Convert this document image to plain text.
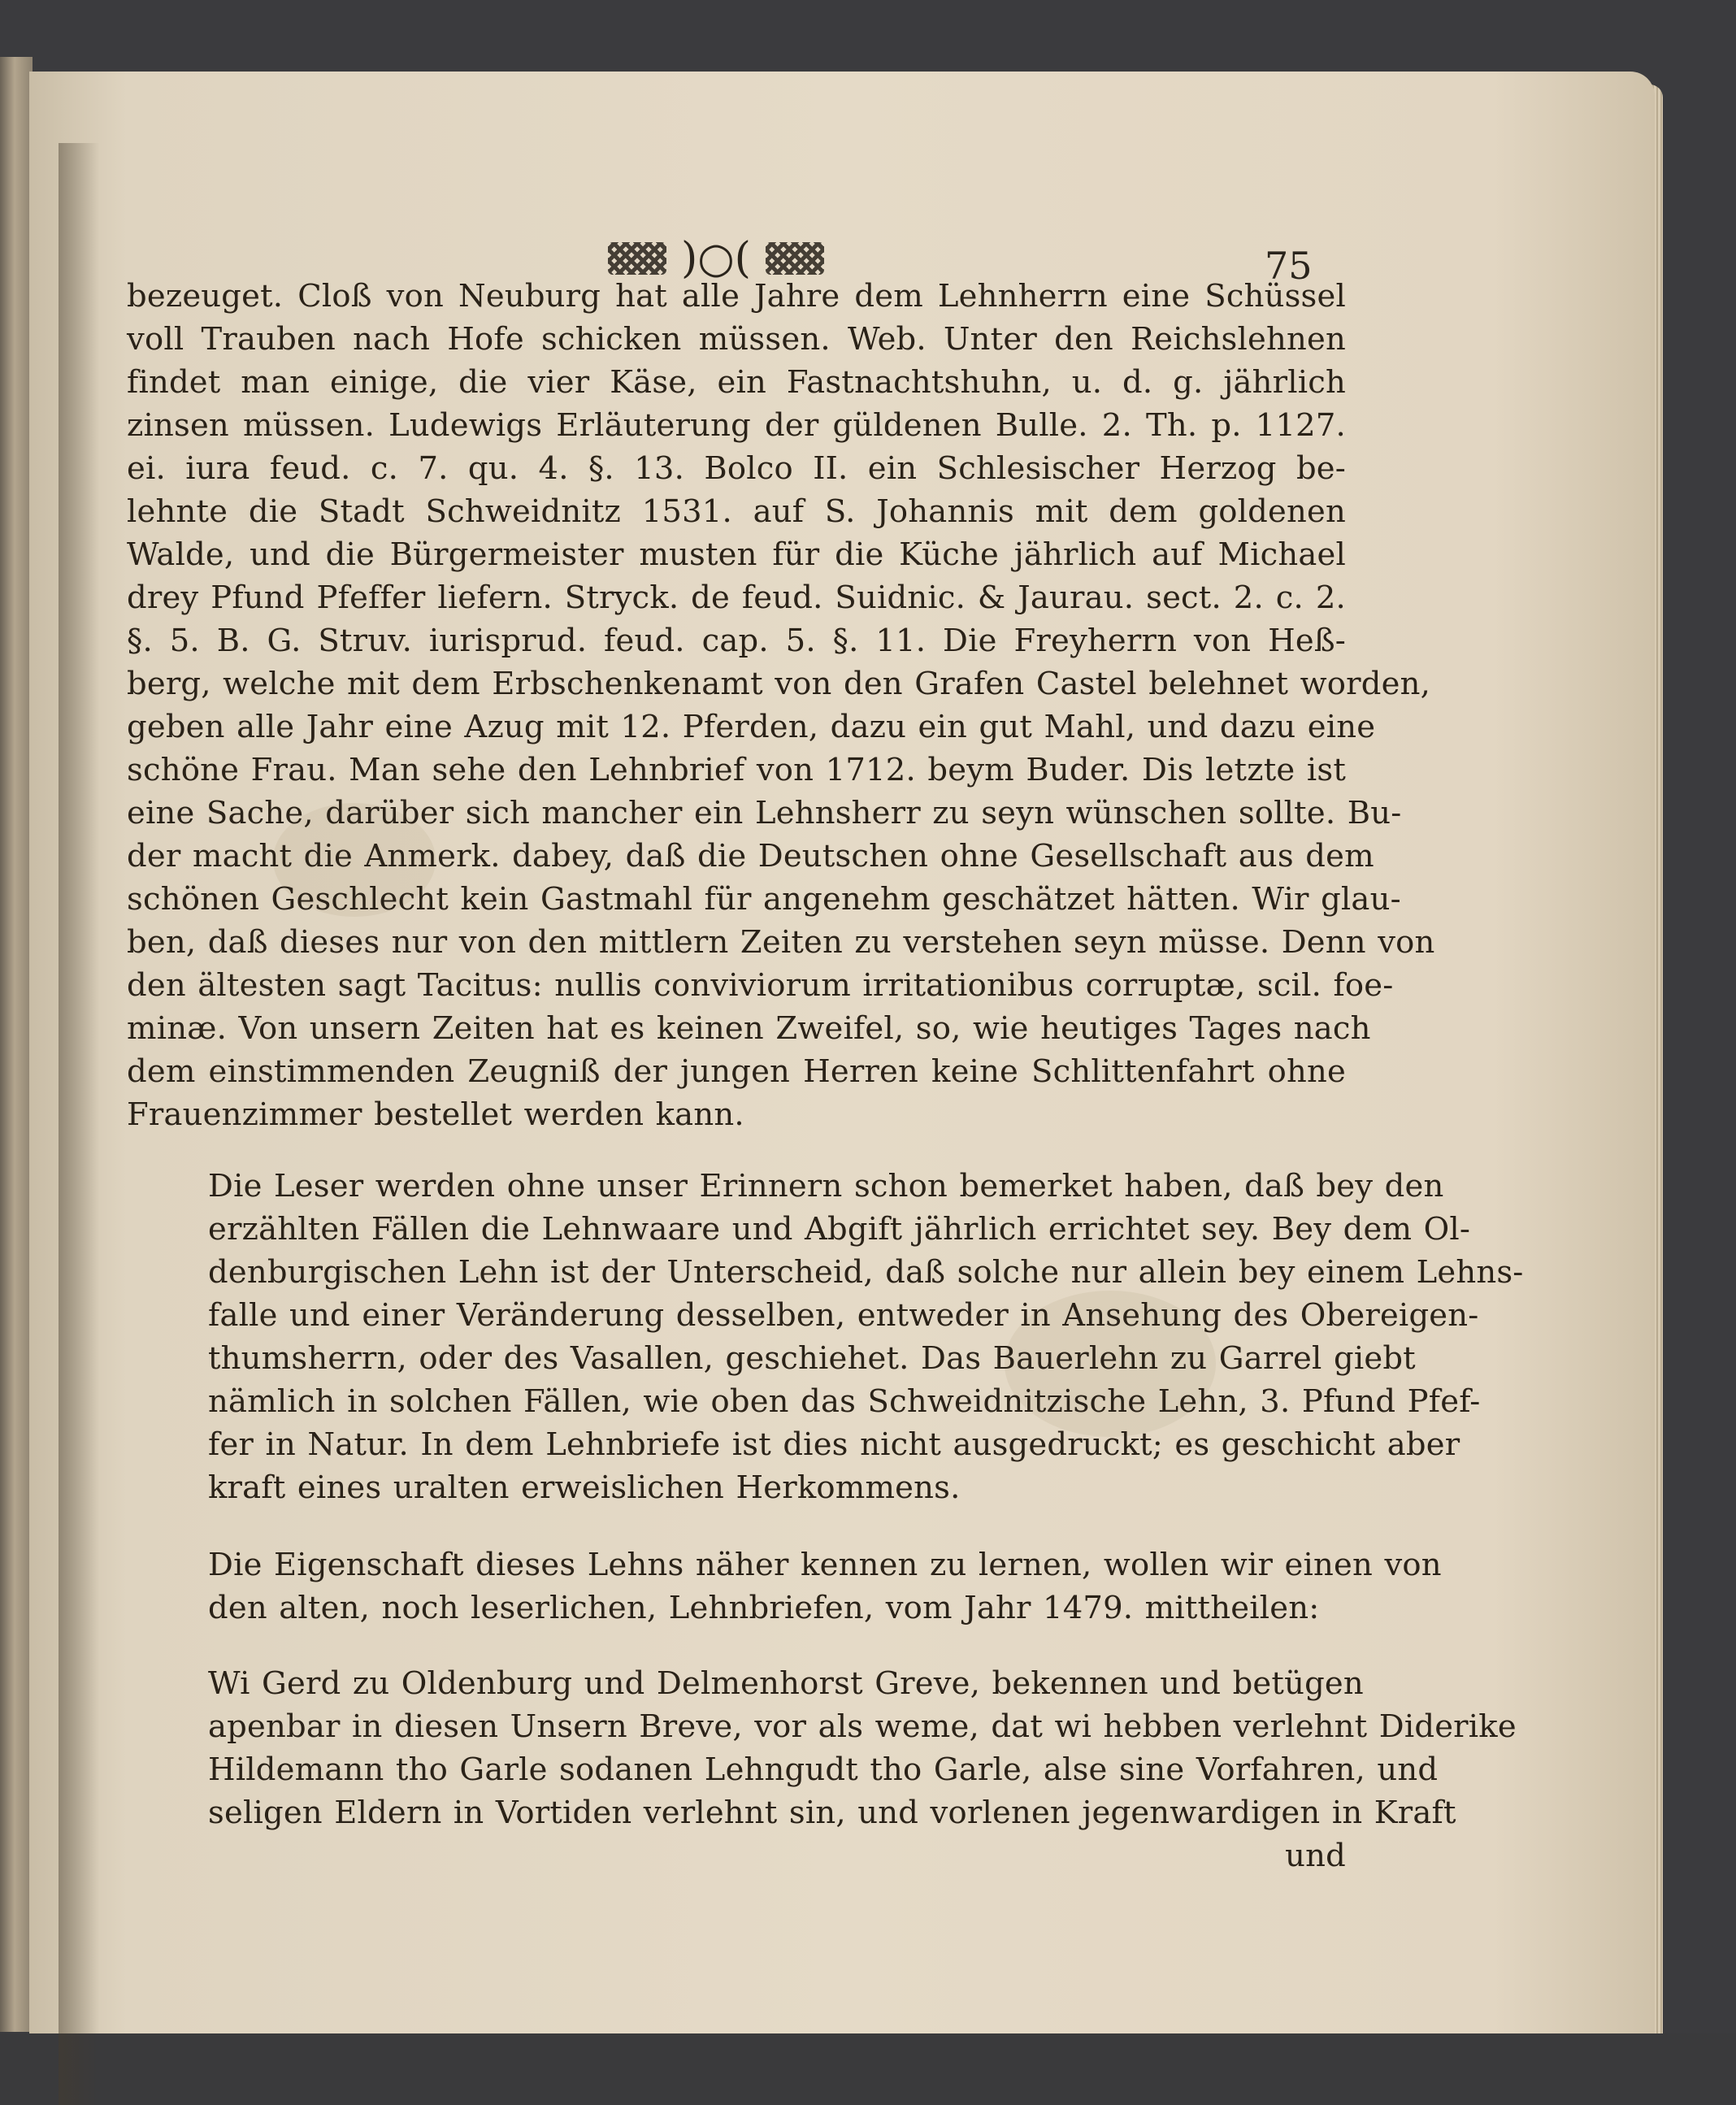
)○(	75
bezeuget. Cloß von Neuburg hat alle Jahre dem Lehnherrn eine Schüssel
voll Trauben nach Hofe schicken müssen. Web. Unter den Reichslehnen
findet man einige, die vier Käse, ein Fastnachtshuhn, u. d. g. jährlich
zinsen müssen. Ludewigs Erläuterung der güldenen Bulle. 2. Th. p. 1127.
ei. iura feud. c. 7. qu. 4. §. 13. Bolco II. ein Schlesischer Herzog be-
lehnte die Stadt Schweidnitz 1531. auf S. Johannis mit dem goldenen
Walde, und die Bürgermeister musten für die Küche jährlich auf Michael
drey Pfund Pfeffer liefern. Stryck. de feud. Suidnic. & Jaurau. sect. 2. c. 2.
§. 5. B. G. Struv. iurisprud. feud. cap. 5. §. 11. Die Freyherrn von Heß-
berg, welche mit dem Erbschenkenamt von den Grafen Castel belehnet worden,
geben alle Jahr eine Azug mit 12. Pferden, dazu ein gut Mahl, und dazu eine
schöne Frau. Man sehe den Lehnbrief von 1712. beym Buder. Dis letzte ist
eine Sache, darüber sich mancher ein Lehnsherr zu seyn wünschen sollte. Bu-
der macht die Anmerk. dabey, daß die Deutschen ohne Gesellschaft aus dem
schönen Geschlecht kein Gastmahl für angenehm geschätzet hätten. Wir glau-
ben, daß dieses nur von den mittlern Zeiten zu verstehen seyn müsse. Denn von
den ältesten sagt Tacitus: nullis conviviorum irritationibus corruptæ, scil. foe-
minæ. Von unsern Zeiten hat es keinen Zweifel, so, wie heutiges Tages nach
dem einstimmenden Zeugniß der jungen Herren keine Schlittenfahrt ohne
Frauenzimmer bestellet werden kann.
Die Leser werden ohne unser Erinnern schon bemerket haben, daß bey den
erzählten Fällen die Lehnwaare und Abgift jährlich errichtet sey. Bey dem Ol-
denburgischen Lehn ist der Unterscheid, daß solche nur allein bey einem Lehns-
falle und einer Veränderung desselben, entweder in Ansehung des Obereigen-
thumsherrn, oder des Vasallen, geschiehet. Das Bauerlehn zu Garrel giebt
nämlich in solchen Fällen, wie oben das Schweidnitzische Lehn, 3. Pfund Pfef-
fer in Natur. In dem Lehnbriefe ist dies nicht ausgedruckt; es geschicht aber
kraft eines uralten erweislichen Herkommens.
Die Eigenschaft dieses Lehns näher kennen zu lernen, wollen wir einen von
den alten, noch leserlichen, Lehnbriefen, vom Jahr 1479. mittheilen:
Wi Gerd zu Oldenburg und Delmenhorst Greve, bekennen und betügen
apenbar in diesen Unsern Breve, vor als weme, dat wi hebben verlehnt Diderike
Hildemann tho Garle sodanen Lehngudt tho Garle, alse sine Vorfahren, und
seligen Eldern in Vortiden verlehnt sin, und vorlenen jegenwardigen in Kraft
und
